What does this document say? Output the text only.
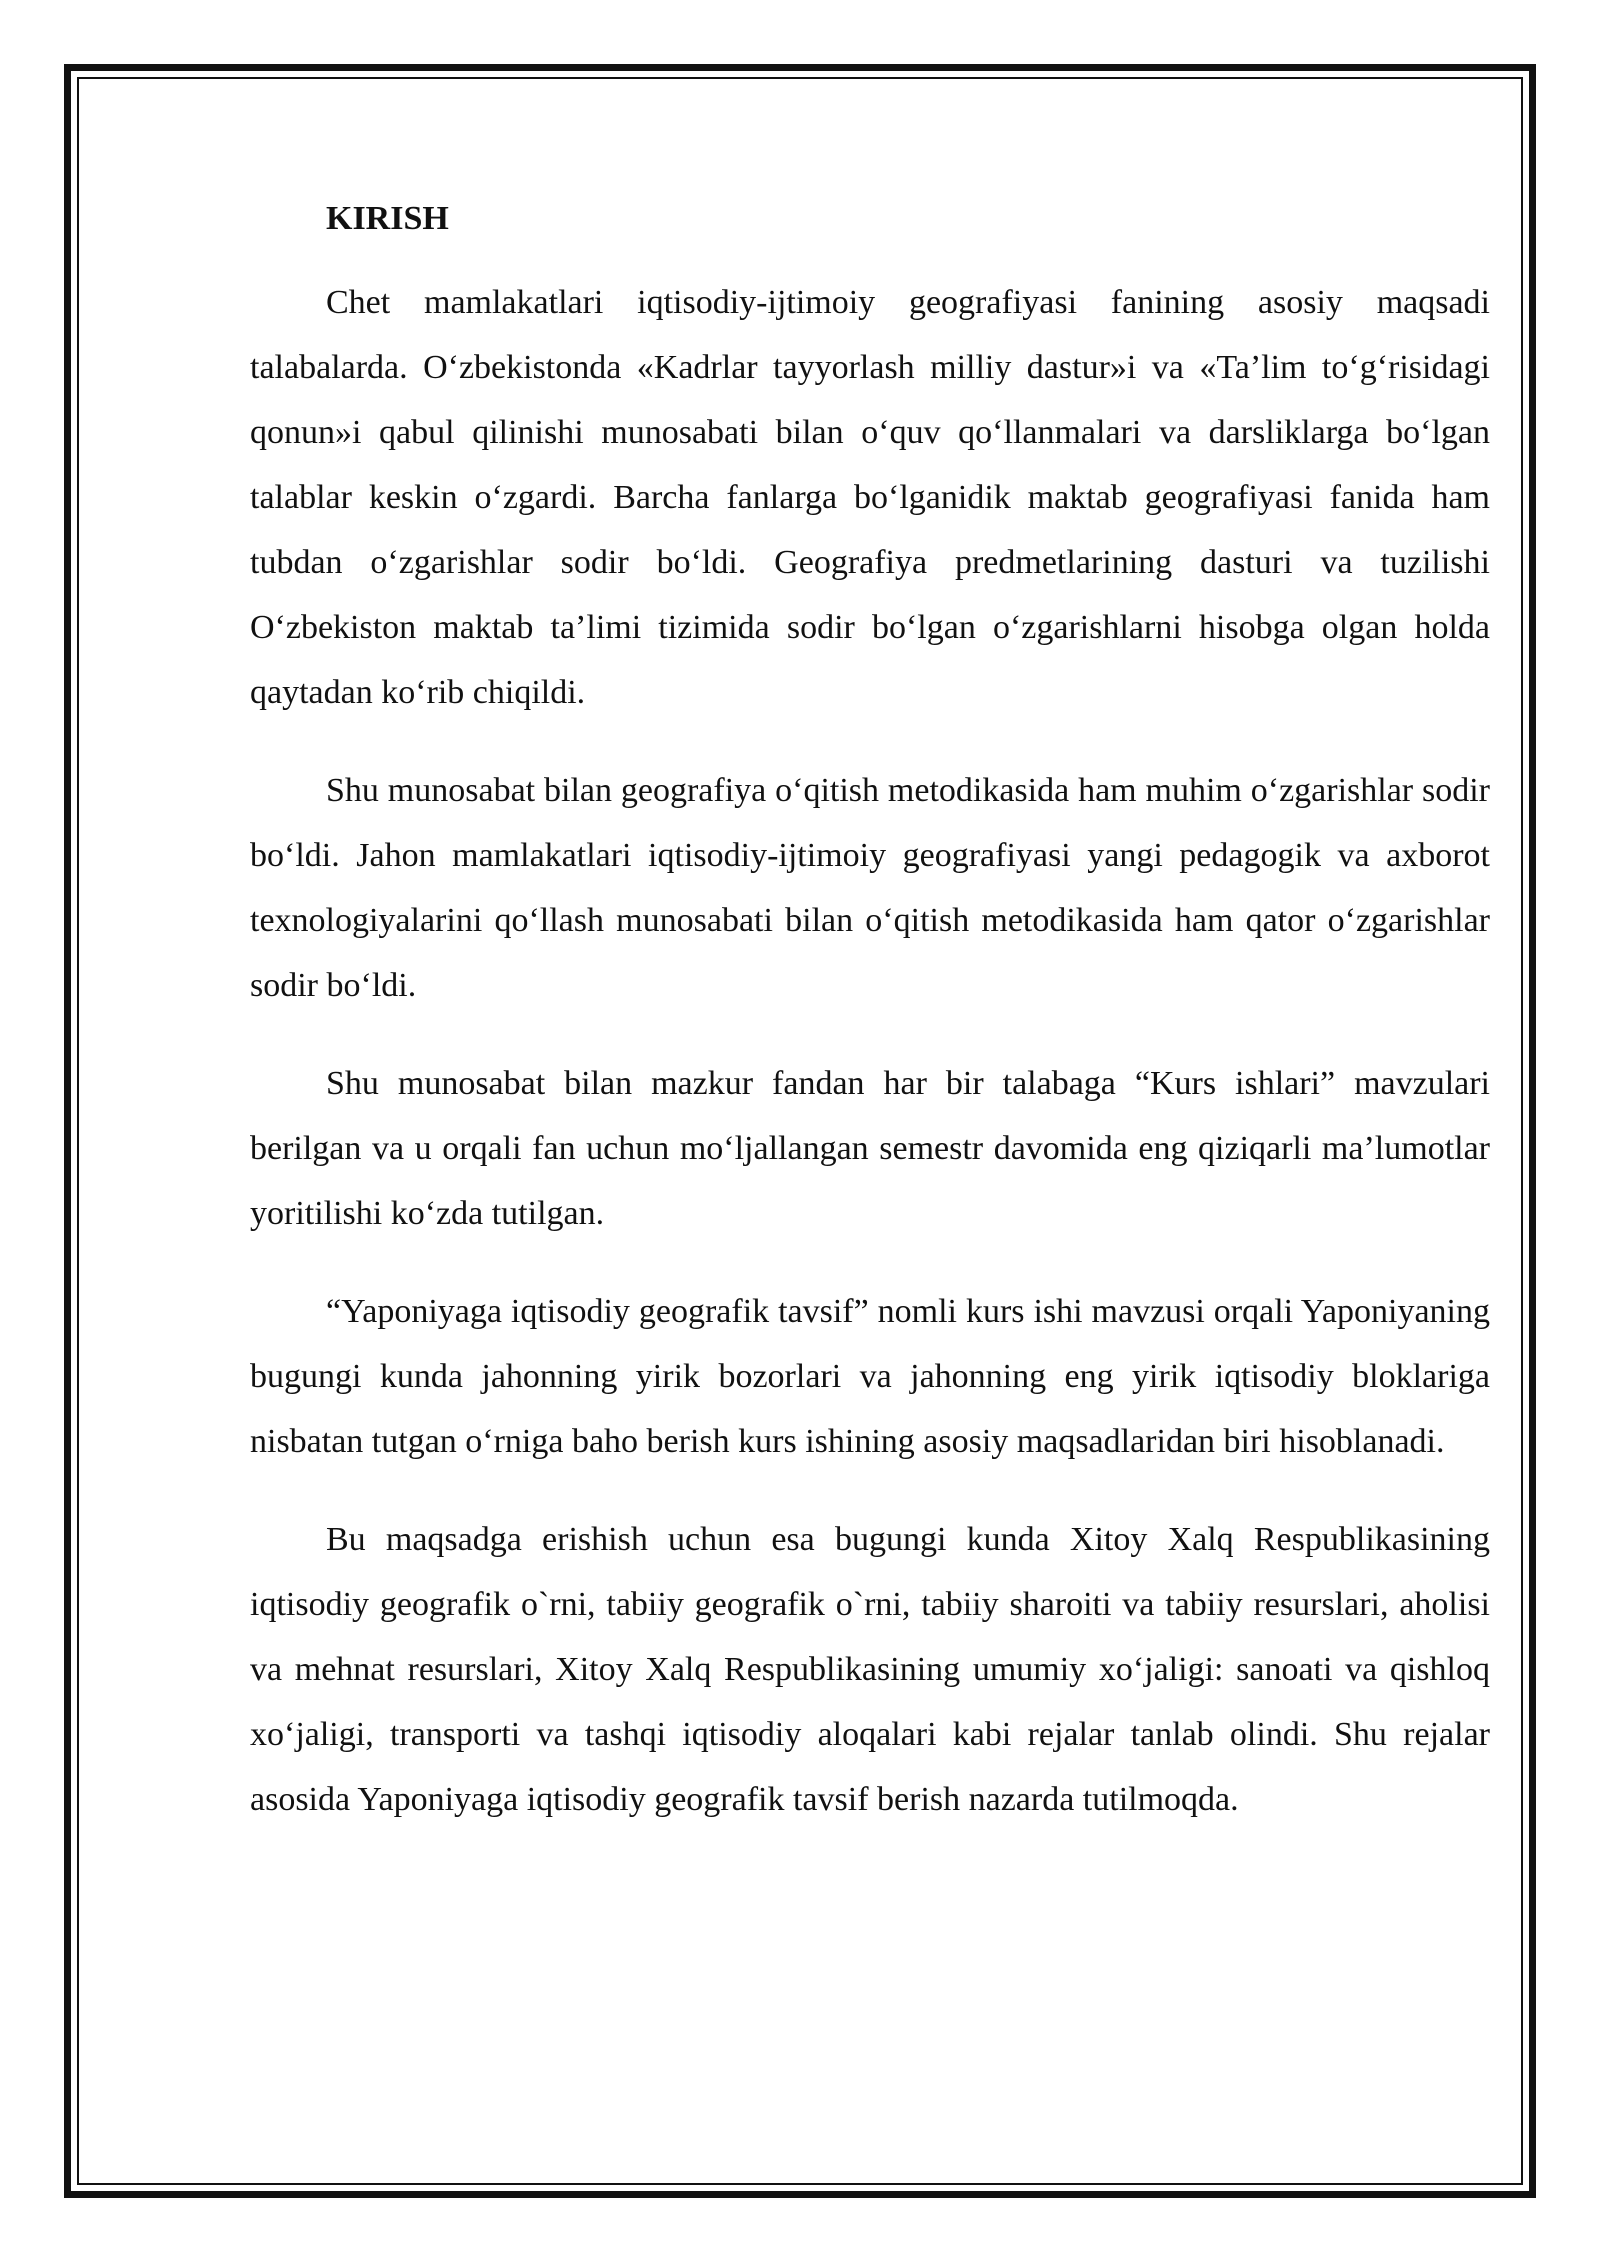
KIRISH

Chet mamlakatlari iqtisodiy-ijtimoiy geografiyasi fanining asosiy maqsadi talabalarda. O‘zbekistonda «Kadrlar tayyorlash milliy dastur»i va «Ta’lim to‘g‘risidagi qonun»i qabul qilinishi munosabati bilan o‘quv qo‘llanmalari va darsliklarga bo‘lgan talablar keskin o‘zgardi. Barcha fanlarga bo‘lganidik maktab geografiyasi fanida ham tubdan o‘zgarishlar sodir bo‘ldi. Geografiya predmetlarining dasturi va tuzilishi O‘zbekiston maktab ta’limi tizimida sodir bo‘lgan o‘zgarishlarni hisobga olgan holda qaytadan ko‘rib chiqildi.

Shu munosabat bilan geografiya o‘qitish metodikasida ham muhim o‘zgarishlar sodir bo‘ldi. Jahon mamlakatlari iqtisodiy-ijtimoiy geografiyasi yangi pedagogik va axborot texnologiyalarini qo‘llash munosabati bilan o‘qitish metodikasida ham qator o‘zgarishlar sodir bo‘ldi.

Shu munosabat bilan mazkur fandan har bir talabaga “Kurs ishlari” mavzulari berilgan va u orqali fan uchun mo‘ljallangan semestr davomida eng qiziqarli ma’lumotlar yoritilishi ko‘zda tutilgan.

“Yaponiyaga iqtisodiy geografik tavsif” nomli kurs ishi mavzusi orqali Yaponiyaning bugungi kunda jahonning yirik bozorlari va jahonning eng yirik iqtisodiy bloklariga nisbatan tutgan o‘rniga baho berish kurs ishining asosiy maqsadlaridan biri hisoblanadi.

Bu maqsadga erishish uchun esa bugungi kunda Xitoy Xalq Respublikasining iqtisodiy geografik o`rni, tabiiy geografik o`rni, tabiiy sharoiti va tabiiy resurslari, aholisi va mehnat resurslari, Xitoy Xalq Respublikasining umumiy xo‘jaligi: sanoati va qishloq xo‘jaligi, transporti va tashqi iqtisodiy aloqalari kabi rejalar tanlab olindi. Shu rejalar asosida Yaponiyaga iqtisodiy geografik tavsif berish nazarda tutilmoqda.
